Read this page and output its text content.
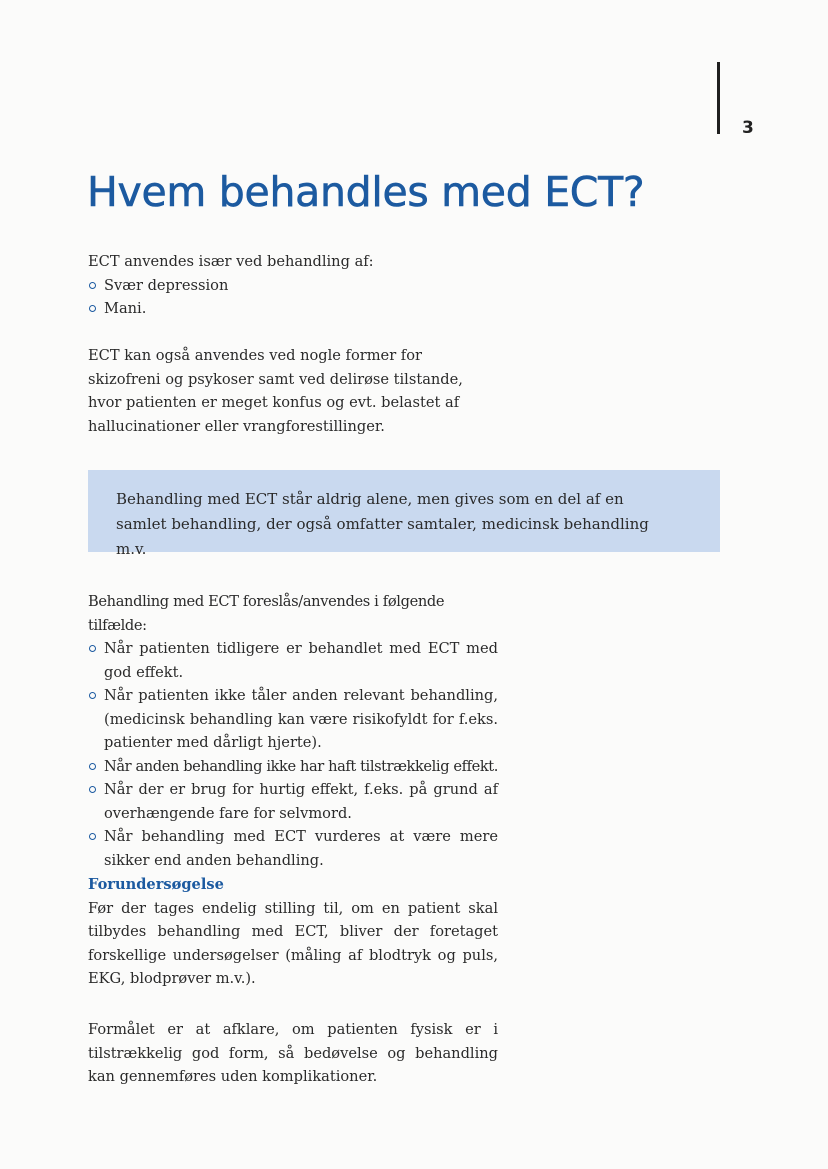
3
Hvem behandles med ECT?

ECT anvendes især ved behandling af:

Svær depression
Mani.

ECT kan også anvendes ved nogle former for skizofreni og psykoser samt ved delirøse tilstande, hvor patienten er meget konfus og evt. belastet af hallucinationer eller vrangforestillinger.

Behandling med ECT står aldrig alene, men gives som en del af en samlet behandling, der også omfatter samtaler, medicinsk behandling m.v.

Behandling med ECT foreslås/anvendes i følgende tilfælde:

Når patienten tidligere er behandlet med ECT med god effekt.
Når patienten ikke tåler anden relevant behandling, (medicinsk behandling kan være risikofyldt for f.eks. patienter med dårligt hjerte).
Når anden behandling ikke har haft tilstrækkelig effekt.
Når der er brug for hurtig effekt, f.eks. på grund af overhængende fare for selvmord.
Når behandling med ECT vurderes at være mere sikker end anden behandling.

Forundersøgelse

Før der tages endelig stilling til, om en patient skal tilbydes behandling med ECT, bliver der foretaget forskellige undersøgelser (måling af blodtryk og puls, EKG, blodprøver m.v.).

Formålet er at afklare, om patienten fysisk er i tilstrækkelig god form, så bedøvelse og behandling kan gennemføres uden komplikationer.
